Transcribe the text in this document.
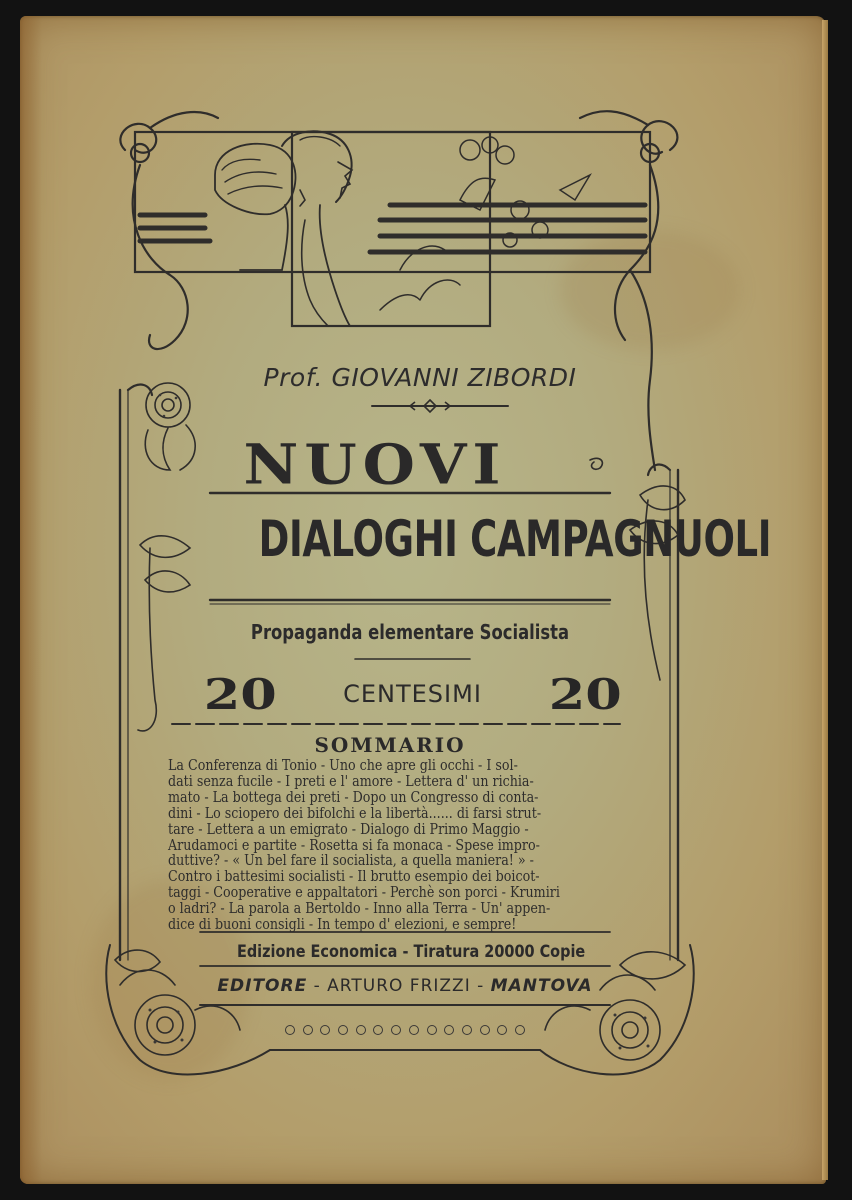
Prof. GIOVANNI ZIBORDI
NUOVI
DIALOGHI CAMPAGNUOLI
Propaganda elementare Socialista
20	CENTESIMI 20
SOMMARIO
La Conferenza di Tonio - Uno che apre gli occhi - I sol-
dati senza fucile - I preti e l' amore - Lettera d' un richia-
mato - La bottega dei preti - Dopo un Congresso di conta-
dini - Lo sciopero dei bifolchi e la libertà...... di farsi strut-
tare - Lettera a un emigrato - Dialogo di Primo Maggio -
Arudamoci e partite - Rosetta si fa monaca - Spese impro-
duttive? - « Un bel fare il socialista, a quella maniera! » -
Contro i battesimi socialisti - Il brutto esempio dei boicot-
taggi - Cooperative e appaltatori - Perchè son porci - Krumiri
o ladri? - La parola a Bertoldo - Inno alla Terra - Un' appen-
dice di buoni consigli - In tempo d' elezioni, e sempre!
Edizione Economica - Tiratura 20000 Copie
EDITORE - ARTURO FRIZZI - MANTOVA
